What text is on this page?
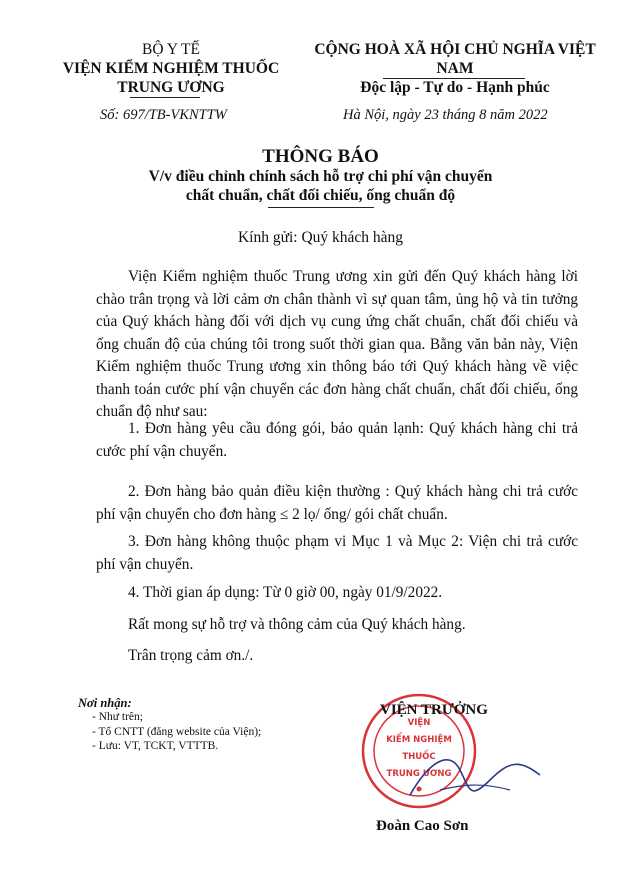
BỘ Y TẾ
VIỆN KIỂM NGHIỆM THUỐC
TRUNG ƯƠNG
CỘNG HOÀ XÃ HỘI CHỦ NGHĨA VIỆT NAM
Độc lập - Tự do - Hạnh phúc
Số: 697/TB-VKNTTW	Hà Nội, ngày 23 tháng 8 năm 2022
THÔNG BÁO
V/v điều chỉnh chính sách hỗ trợ chi phí vận chuyển
chất chuẩn, chất đối chiếu, ống chuẩn độ
Kính gửi: Quý khách hàng
Viện Kiểm nghiệm thuốc Trung ương xin gửi đến Quý khách hàng lời chào trân trọng và lời cảm ơn chân thành vì sự quan tâm, ủng hộ và tin tưởng của Quý khách hàng đối với dịch vụ cung ứng chất chuẩn, chất đối chiếu và ống chuẩn độ của chúng tôi trong suốt thời gian qua. Bằng văn bản này, Viện Kiểm nghiệm thuốc Trung ương xin thông báo tới Quý khách hàng về việc thanh toán cước phí vận chuyển các đơn hàng chất chuẩn, chất đối chiếu, ống chuẩn độ như sau:
1. Đơn hàng yêu cầu đóng gói, bảo quản lạnh: Quý khách hàng chi trả cước phí vận chuyển.
2. Đơn hàng bảo quản điều kiện thường : Quý khách hàng chi trả cước phí vận chuyển cho đơn hàng ≤ 2 lọ/ ống/ gói chất chuẩn.
3. Đơn hàng không thuộc phạm vi Mục 1 và Mục 2: Viện chi trả cước phí vận chuyển.
4. Thời gian áp dụng: Từ 0 giờ 00, ngày 01/9/2022.
Rất mong sự hỗ trợ và thông cảm của Quý khách hàng.
Trân trọng cảm ơn./.
Nơi nhận:
- Như trên;
- Tổ CNTT (đăng website của Viện);
- Lưu: VT, TCKT, VTTTB.
VIỆN
KIỂM NGHIỆM
THUỐC
TRUNG ƯƠNG
VIỆN TRƯỞNG
Đoàn Cao Sơn
